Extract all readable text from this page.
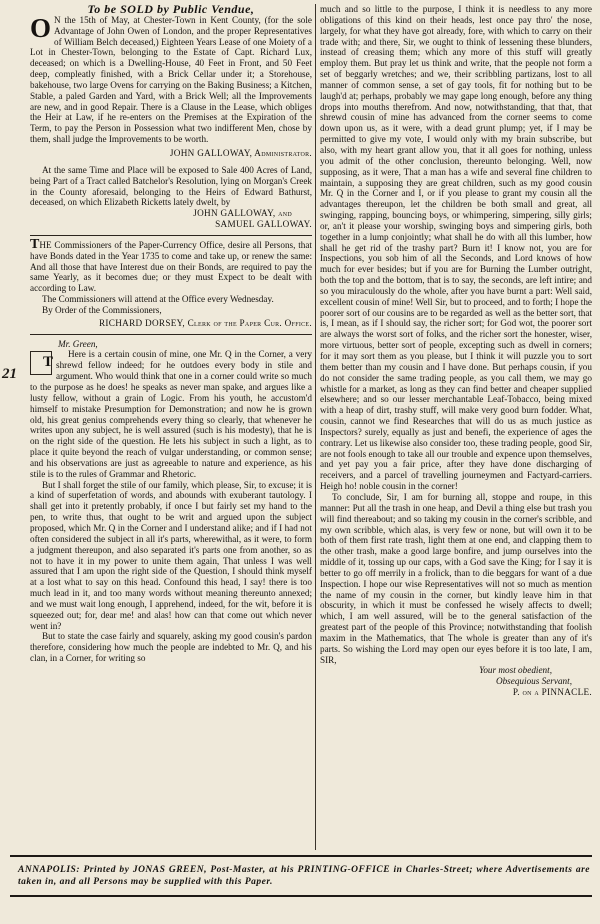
To be SOLD by Public Vendue,

O N the 15th of May, at Chester-Town in Kent County, (for the sole Advantage of John Owen of London, and the proper Representatives of William Belch deceased,) Eighteen Years Lease of one Moiety of a Lot in Chester-Town, belonging to the Estate of Capt. Richard Lux, deceased; on which is a Dwelling-House, 40 Feet in Front, and 50 Feet deep, compleatly finished, with a Brick Cellar under it; a Storehouse, bakehouse, two large Ovens for carrying on the Baking Business; a Kitchen, Stable, a paled Garden and Yard, with a Brick Well; all the Improvements are new, and in good Repair. There is a Clause in the Lease, which obliges the Heir at Law, if he re-enters on the Premises at the Expiration of the Term, to pay the Person in Possession what two indifferent Men, chose by them, shall judge the Improvements to be worth.

JOHN GALLOWAY, Administrator.

At the same Time and Place will be exposed to Sale 400 Acres of Land, being Part of a Tract called Batchelor's Resolution, lying on Morgan's Creek in the County aforesaid, belonging to the Heirs of Edward Bathurst, deceased, on which Elizabeth Ricketts lately dwelt, by

JOHN GALLOWAY, and

SAMUEL GALLOWAY.

THE Commissioners of the Paper-Currency Office, desire all Persons, that have Bonds dated in the Year 1735 to come and take up, or renew the same: And all those that have Interest due on their Bonds, are required to pay the same Yearly, as it becomes due; or they must Expect to be dealt with according to Law.

The Commissioners will attend at the Office every Wednesday.

By Order of the Commissioners,

RICHARD DORSEY, Clerk of the Paper Cur. Office.

Mr. Green,

T Here is a certain cousin of mine, one Mr. Q in the Corner, a very shrewd fellow indeed; for he outdoes every body in stile and argument. Who would think that one in a corner could write so much to the purpose as he does! he speaks as never man spake, and argues like a lusty fellow, without a grain of Logic. From his youth, he accustom'd himself to mistake Presumption for Demonstration; and now he is grown old, his great genius comprehends every thing so clearly, that whenever he writes upon any subject, he is well assured (such is his modesty), that he is on the right side of the question. He lets his subject in such a light, as to place it quite beyond the reach of vulgar understanding, or common sense; and his observations are just as agreeable to nature and experience, as his stile is to the rules of Grammar and Rhetoric.

But I shall forget the stile of our family, which please, Sir, to excuse; it is a kind of superfetation of words, and abounds with exuberant tautology. I shall get into it pretently probably, if once I but fairly set my hand to the pen, to write thus, that ought to be writ and argued upon the subject proposed, which Mr. Q in the Corner and I understand alike; and if I had not often considered the subject in all it's parts, wherewithal, as it were, to form a judgment thereupon, and also separated it's parts one from another, so as not to have it in my power to unite them again, That unless I was well assured that I am upon the right side of the Question, I should think myself at a lost what to say on this head. Confound this head, I say! there is too much lead in it, and too many words without meaning thereunto annexed; and we must wait long enough, I apprehend, indeed, for the wit, before it is squeezed out; for, dear me! and alas! how can that come out which never went in?

But to state the case fairly and squarely, asking my good cousin's pardon therefore, considering how much the people are indebted to Mr. Q, and his clan, in a Corner, for writing so

21

much and so little to the purpose, I think it is needless to any more obligations of this kind on their heads, lest once pay thro' the nose, largely, for what they have got already, fore, with which to carry on their trade with; and there, Sir, we ought to think of lessening these blunders, instead of creasing them; which any more of this stuff will greatly employ them. But pray let us think and write, that the people not form a set of beggarly wretches; and we, their scribbling partizans, lost to all manner of common sense, a set of gay tools, fit for nothing but to be laugh'd at; perhaps, probably we may gape long enough, before any thing drops into mouths therefrom. And now, notwithstanding, that that, that shrewd cousin of mine has advanced from the corner seems to come down upon us, as it were, with a dead grunt plump; yet, if I may be permitted to give my vote, I would only with my brain subscribe, but also, with my heart grant allow you, that it all goes for nothing, unless you admit of the other conclusion, thereunto belonging. Well, now supposing, as it were, That a man has a wife and several fine children to maintain, a supposing they are great children, such as my good cousin Mr. Q in the Corner and I, or if you please to grant my cousin all the advantages thereupon, let the children be both small and great, all swinging, rapping, bouncing boys, or whimpering, simpering, silly girls; or, an't it please your worship, swinging boys and simpering girls, both together in a lump conjointly; what shall he do with all this lumber, how shall he get rid of the trashy part? Burn it! I know not, you are for Inspections, you sob him of all the Seconds, and Lord knows of how much for ever besides; but if you are for Burning the Lumber outright, both the top and the bottom, that is to say, the seconds, are left intire; and so you miraculously do the whole, after you have burnt a part: Well said, excellent cousin of mine! Well Sir, but to proceed, and to forth; I hope the poorer sort of our cousins are to be regarded as well as the better sort, that is, I mean, as if I should say, the richer sort; for God wot, the poorer sort are always the worst sort of folks, and the richer sort the honester, wiser, more virtuous, better sort of people, excepting such as dwell in corners; for it may sort them as you please, but I think it will puzzle you to sort them better than my cousin and I have done. But perhaps cousin, if you do not consider the same trading people, as you call them, we may go whistle for a market, as long as they can find better and cheaper supplied elsewhere; and so our lesser merchantable Leaf-Tobacco, being mixed with a heap of dirt, trashy stuff, will make very good burn fodder. What, cousin, cannot we find Researches that will do us as much justice as Inspectors? surely, equally as just and benefi, the experience of ages the contrary. Let us likewise also consider too, these trading people, good Sir, are not fools enough to take all our trouble and expence upon themselves, and yet pay you a fair price, after they have done discharging of receivers, and a parcel of travelling journeymen and Factyard-carriers. Heigh ho! noble cousin in the corner!

To conclude, Sir, I am for burning all, stoppe and roupe, in this manner: Put all the trash in one heap, and Devil a thing else but trash you will find thereabout; and so taking my cousin in the corner's scribble, and my own scribble, which alas, is very few or none, but will own it to be both of them first rate trash, light them at one end, and clapping them to the other trash, make a good large bonfire, and jump ourselves into the middle of it, tossing up our caps, with a God save the King; for I say it is better to go off merrily in a frolick, than to die beggars for want of a due Inspection. I hope our wise Representatives will not so much as mention the name of my cousin in the corner, but kindly leave him in that obscurity, in which it must be confessed he wisely affects to dwell; which, I am well assured, will be to the general satisfaction of the greatest part of the people of this Province; notwithstanding that foolish maxim in the Mathematics, that The whole is greater than any of it's parts. So wishing the Lord may open our eyes before it is too late, I am, SIR,

Your most obedient,

Obsequious Servant,

P. on a PINNACLE.

ANNAPOLIS: Printed by JONAS GREEN, Post-Master, at his PRINTING-OFFICE in Charles-Street; where Advertisements are taken in, and all Persons may be supplied with this Paper.
